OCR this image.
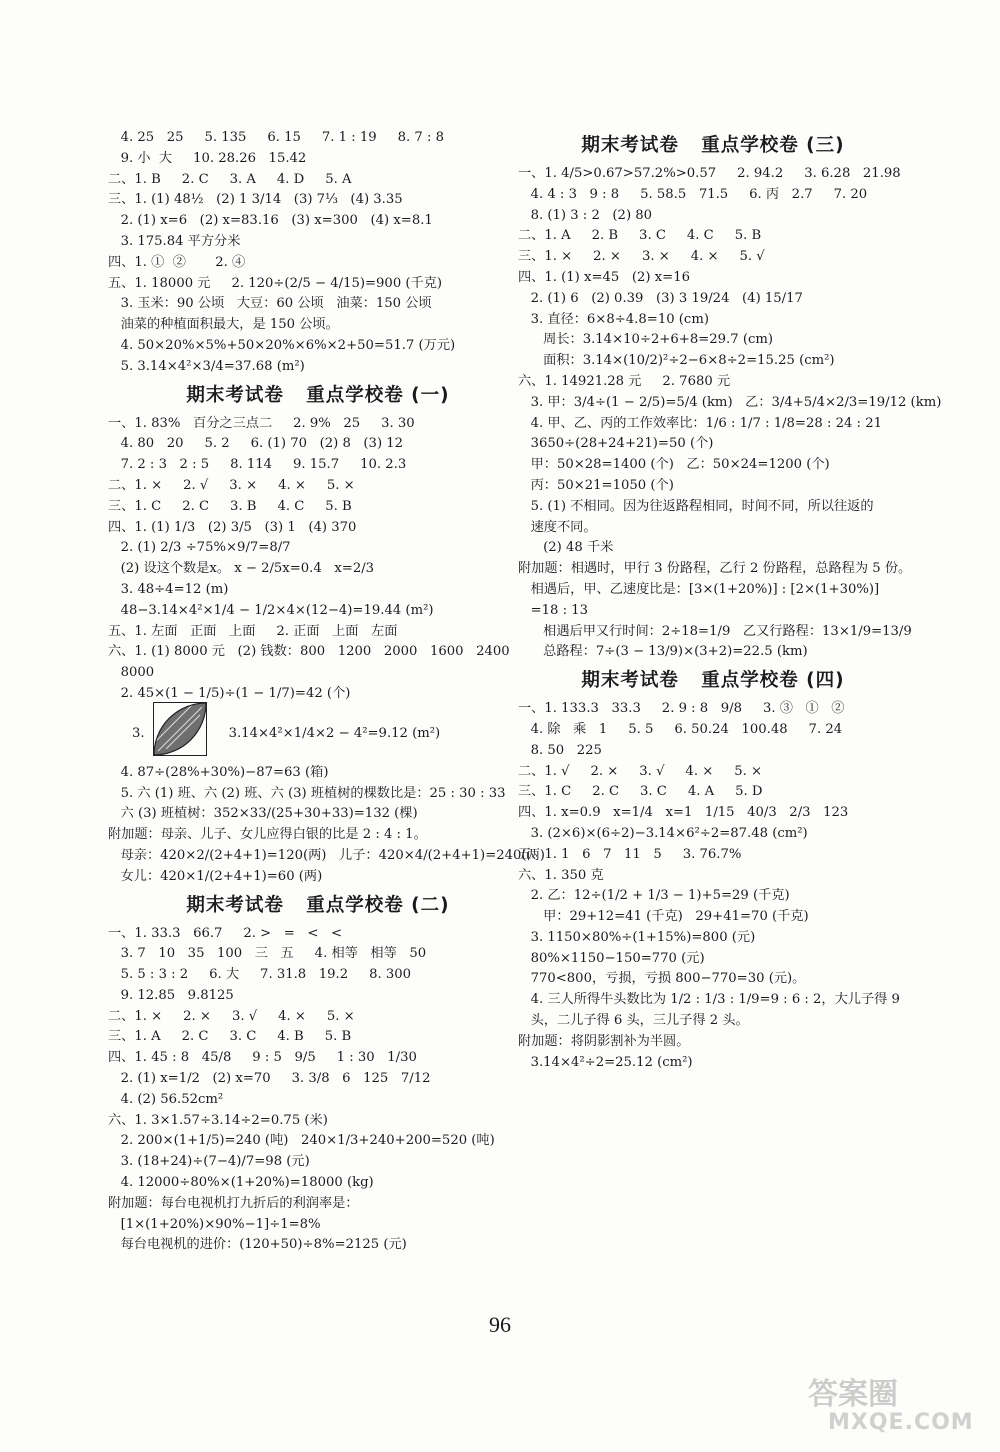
4. 25   25     5. 135     6. 15     7. 1 : 19     8. 7 : 8
9. 小  大     10. 28.26   15.42
二、1. B     2. C     3. A     4. D     5. A
三、1. (1) 48½   (2) 1 3/14   (3) 7⅓   (4) 3.35
2. (1) x=6   (2) x=83.16   (3) x=300   (4) x=8.1
3. 175.84 平方分米
四、1. ①  ②       2. ④
五、1. 18000 元     2. 120÷(2/5 − 4/15)=900 (千克)
3. 玉米：90 公顷   大豆：60 公顷   油菜：150 公顷
油菜的种植面积最大，是 150 公顷。
4. 50×20%×5%+50×20%×6%×2+50=51.7 (万元)
5. 3.14×4²×3/4=37.68 (m²)
期末考试卷   重点学校卷 (一)
一、1. 83%   百分之三点二     2. 9%   25     3. 30
4. 80   20     5. 2     6. (1) 70   (2) 8   (3) 12
7. 2 : 3   2 : 5     8. 114     9. 15.7     10. 2.3
二、1. ×     2. √     3. ×     4. ×     5. ×
三、1. C     2. C     3. B     4. C     5. B
四、1. (1) 1/3   (2) 3/5   (3) 1   (4) 370
2. (1) 2/3 ÷75%×9/7=8/7
(2) 设这个数是x。 x − 2/5x=0.4   x=2/3
3. 48÷4=12 (m)
48−3.14×4²×1/4 − 1/2×4×(12−4)=19.44 (m²)
五、1. 左面   正面   上面     2. 正面   上面   左面
六、1. (1) 8000 元   (2) 钱数：800   1200   2000   1600   2400
8000
2. 45×(1 − 1/5)÷(1 − 1/7)=42 (个)
3.	3.14×4²×1/4×2 − 4²=9.12 (m²)
4. 87÷(28%+30%)−87=63 (箱)
5. 六 (1) 班、六 (2) 班、六 (3) 班植树的棵数比是：25 : 30 : 33
六 (3) 班植树：352×33/(25+30+33)=132 (棵)
附加题：母亲、儿子、女儿应得白银的比是 2 : 4 : 1。
母亲：420×2/(2+4+1)=120(两)   儿子：420×4/(2+4+1)=240(两)
女儿：420×1/(2+4+1)=60 (两)
期末考试卷   重点学校卷 (二)
一、1. 33.3   66.7     2. >   =   <   <
3. 7   10   35   100   三   五     4. 相等   相等   50
5. 5 : 3 : 2     6. 大     7. 31.8   19.2     8. 300
9. 12.85   9.8125
二、1. ×     2. ×     3. √     4. ×     5. ×
三、1. A     2. C     3. C     4. B     5. B
四、1. 45 : 8   45/8     9 : 5   9/5     1 : 30   1/30
2. (1) x=1/2   (2) x=70     3. 3/8   6   125   7/12
4. (2) 56.52cm²
六、1. 3×1.57÷3.14÷2=0.75 (米)
2. 200×(1+1/5)=240 (吨)   240×1/3+240+200=520 (吨)
3. (18+24)÷(7−4)/7=98 (元)
4. 12000÷80%×(1+20%)=18000 (kg)
附加题：每台电视机打九折后的利润率是：
[1×(1+20%)×90%−1]÷1=8%
每台电视机的进价：(120+50)÷8%=2125 (元)
期末考试卷   重点学校卷 (三)
一、1. 4/5>0.67>57.2%>0.57     2. 94.2     3. 6.28   21.98
4. 4 : 3   9 : 8     5. 58.5   71.5     6. 丙   2.7     7. 20
8. (1) 3 : 2   (2) 80
二、1. A     2. B     3. C     4. C     5. B
三、1. ×     2. ×     3. ×     4. ×     5. √
四、1. (1) x=45   (2) x=16
2. (1) 6   (2) 0.39   (3) 3 19/24   (4) 15/17
3. 直径：6×8÷4.8=10 (cm)
周长：3.14×10÷2+6+8=29.7 (cm)
面积：3.14×(10/2)²÷2−6×8÷2=15.25 (cm²)
六、1. 14921.28 元     2. 7680 元
3. 甲：3/4÷(1 − 2/5)=5/4 (km)   乙：3/4+5/4×2/3=19/12 (km)
4. 甲、乙、丙的工作效率比：1/6 : 1/7 : 1/8=28 : 24 : 21
3650÷(28+24+21)=50 (个)
甲：50×28=1400 (个)   乙：50×24=1200 (个)
丙：50×21=1050 (个)
5. (1) 不相同。因为往返路程相同，时间不同，所以往返的
速度不同。
(2) 48 千米
附加题：相遇时，甲行 3 份路程，乙行 2 份路程，总路程为 5 份。
相遇后，甲、乙速度比是：[3×(1+20%)] : [2×(1+30%)]
=18 : 13
相遇后甲又行时间：2÷18=1/9   乙又行路程：13×1/9=13/9
总路程：7÷(3 − 13/9)×(3+2)=22.5 (km)
期末考试卷   重点学校卷 (四)
一、1. 133.3   33.3     2. 9 : 8   9/8     3. ③   ①   ②
4. 除   乘   1     5. 5     6. 50.24   100.48     7. 24
8. 50   225
二、1. √     2. ×     3. √     4. ×     5. ×
三、1. C     2. C     3. C     4. A     5. D
四、1. x=0.9   x=1/4   x=1   1/15   40/3   2/3   123
3. (2×6)×(6÷2)−3.14×6²÷2=87.48 (cm²)
五、1. 1   6   7   11   5     3. 76.7%
六、1. 350 克
2. 乙：12÷(1/2 + 1/3 − 1)+5=29 (千克)
甲：29+12=41 (千克)   29+41=70 (千克)
3. 1150×80%÷(1+15%)=800 (元)
80%×1150−150=770 (元)
770<800，亏损，亏损 800−770=30 (元)。
4. 三人所得牛头数比为 1/2 : 1/3 : 1/9=9 : 6 : 2，大儿子得 9
头，二儿子得 6 头，三儿子得 2 头。
附加题：将阴影割补为半圆。
3.14×4²÷2=25.12 (cm²)
96
答案圈
MXQE.COM
